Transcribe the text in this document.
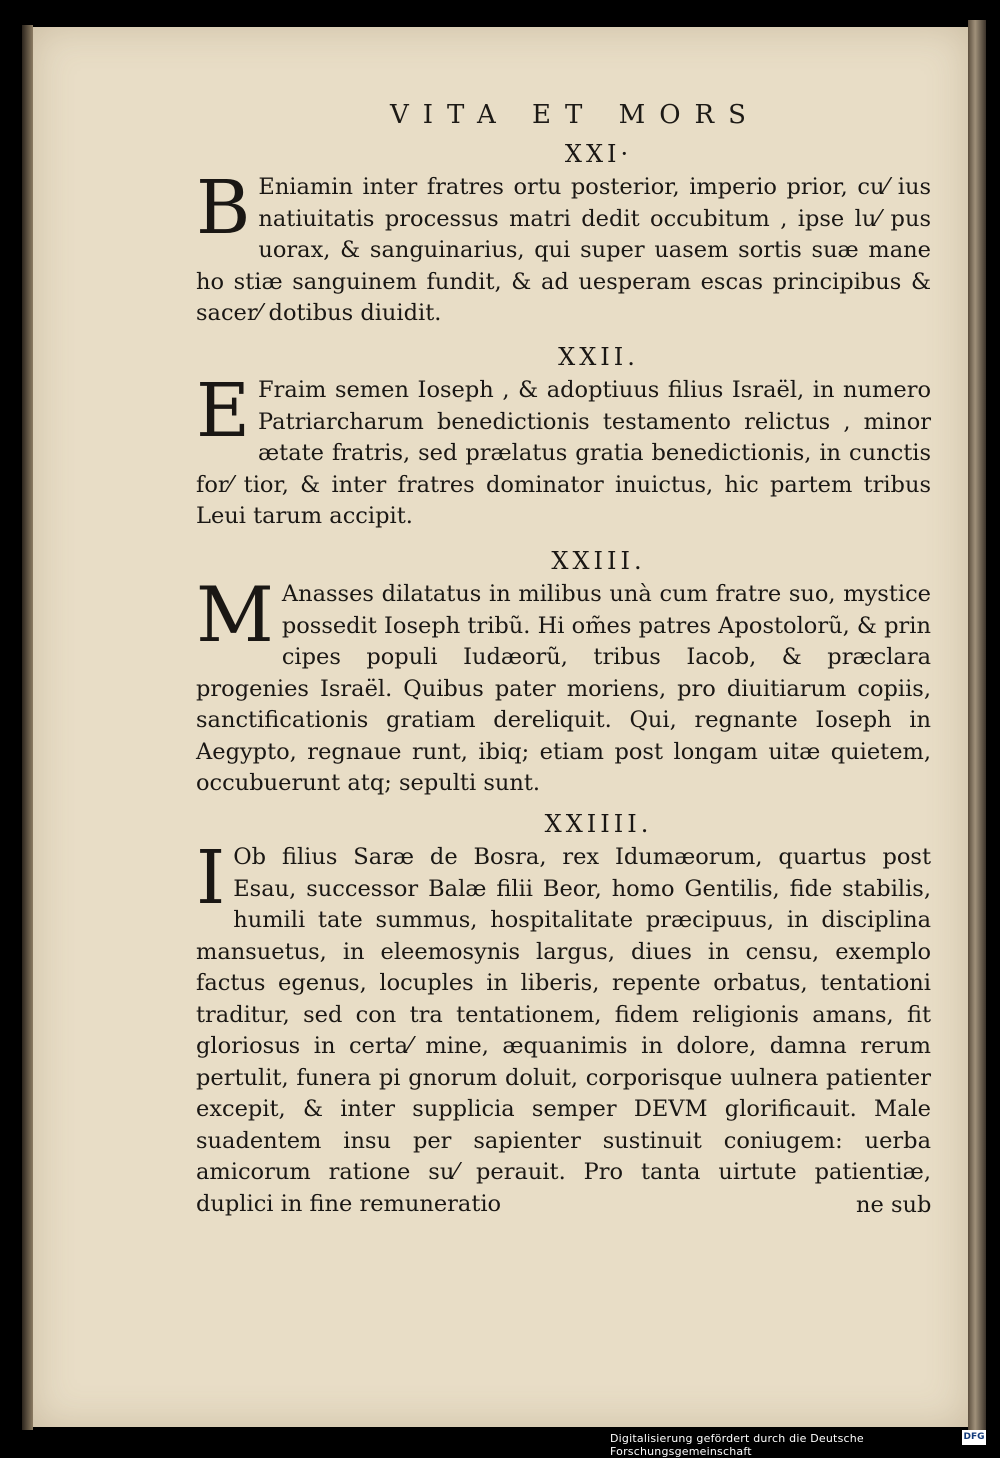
VITA ET MORS
XXI·
B Eniamin inter fratres ortu posterior, imperio prior, cu⁄ ius natiuitatis processus matri dedit occubitum , ipse lu⁄ pus uorax, & sanguinarius, qui super uasem sortis suæ mane ho stiæ sanguinem fundit, & ad uesperam escas principibus & sacer⁄ dotibus diuidit.
XXII.
E Fraim semen Ioseph , & adoptiuus filius Israël, in numero Patriarcharum benedictionis testamento relictus , minor ætate fratris, sed prælatus gratia benedictionis, in cunctis for⁄ tior, & inter fratres dominator inuictus, hic partem tribus Leui tarum accipit.
XXIII.
M Anasses dilatatus in milibus unà cum fratre suo, mystice possedit Ioseph tribũ. Hi om̃es patres Apostolorũ, & prin cipes populi Iudæorũ, tribus Iacob, & præclara progenies Israël. Quibus pater moriens, pro diuitiarum copiis, sanctificationis gratiam dereliquit. Qui, regnante Ioseph in Aegypto, regnaue runt, ibiq; etiam post longam uitæ quietem, occubuerunt atq; sepulti sunt.
XXIIII.
I Ob filius Saræ de Bosra, rex Idumæorum, quartus post Esau, successor Balæ filii Beor, homo Gentilis, fide stabilis, humili tate summus, hospitalitate præcipuus, in disciplina mansuetus, in eleemosynis largus, diues in censu, exemplo factus egenus, locuples in liberis, repente orbatus, tentationi traditur, sed con tra tentationem, fidem religionis amans, fit gloriosus in certa⁄ mine, æquanimis in dolore, damna rerum pertulit, funera pi gnorum doluit, corporisque uulnera patienter excepit, & inter supplicia semper DEVM glorificauit. Male suadentem insu per sapienter sustinuit coniugem: uerba amicorum ratione su⁄ perauit. Pro tanta uirtute patientiæ, duplici in fine remuneratio	ne sub
Digitalisierung gefördert durch die Deutsche Forschungsgemeinschaft
DFG
